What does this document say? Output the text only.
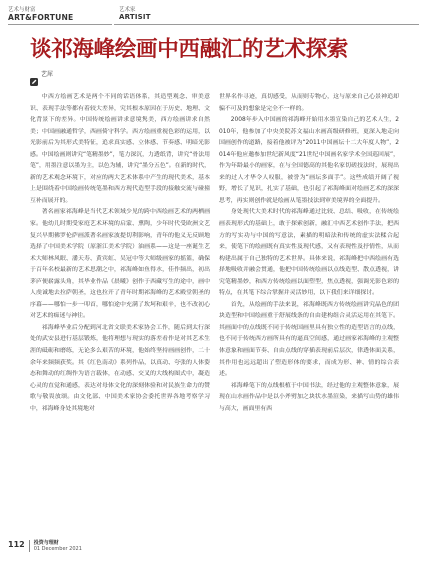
艺术与财富
ART&FORTUNE
艺术家
ARTISIT
谈祁海峰绘画中西融汇的艺术探索
艺犀

中西方绘画艺术是两个不同的话语体系，其造型观念、审美意识、表现手法等都有着较大差异，究其根本原因在于历史、地理、文化背景下的差异。中国传统绘画讲求意境隽美，西方绘画讲求自然美；中国画融通哲学，西画倚守科学。西方绘画重视色彩的运用，以光影前后为其形式美特征，追求真实感、立体感、节奏感、明暗光影感。中国绘画则讲究“笔精墨妙”，笔力深沉，力透纸背，讲究“骨法用笔”，用墨注意以墨为主，以色为辅，讲究“墨分五色”。在新的时代，新的艺术观念环境下，对应的两大艺术体系中产生的现代美术，基本上是围绕着中国绘画传统笔墨和西方现代造型手段的接触交流与碰撞互补而展开的。

著名画家祁海峰是当代艺术领域少见的跨中西绘画艺术的两栖画家。他幼儿时期受家庭艺术环境的启蒙、熏陶，少年时代受欧洲文艺复兴早期佛罗伦萨画派著名画家波提切利影响，青年的他义无反顾地选择了中国美术学院（原浙江美术学院）油画系——这是一座诞生艺术大师林风眠、潘天寿、黄宾虹、吴冠中等大师级画家的摇篮，确保于百年名校最新的艺术思潮之中，祁海峰如鱼得水，佳作频出，初出茅庐便崭露头角，其毕业作品《晨曦》创作于西藏写生的途中，画中人虔诚地去拉萨朝圣，这也拉开了青年时期祁海峰的艺术殿堂朝圣的序幕——哪怕一步一叩首，哪怕途中充满了坎坷和艰辛，也不改初心对艺术的痴迷与神往。

祁海峰毕业后分配到河北省文联美术家协会工作，随后到太行深处的武安县进行基层锻炼，他将理想与现实的落差看作是对其艺术生涯的砥砺和磨练，无论多么艰苦的环境，他始终坚持画画创作，二十余年来频频获奖。其《红色南动》系列作品，以真动、夸张的人体姿态和舞动的红绸作为语言载体，在动感、交叉的大线构图式中，凝造心灵的直觉和通感，表达对母体文化的深刻体验和对民族生命力的赞歌与敬畏放颂。由文化部、中国美术家协会委托世界各地考察学习中，祁海峰身处其境地对

世界名作寻迹，真切感受，从而则专物心，这与原来自己心景神追却骗不可及的想象是完全不一样的。

2008年步入中国画的祁海峰开始用水墨宣染自己的艺术人生，2010年，他参加了中央美院苏文福山水画高级研修班，更深入地走向国画创作的道路，接着他被评为“2011中国画坛十二大年度人物”，2014年他应邀参加世纪新风度“21世纪中国画名家学术全国巡回展”，作为年龄最小的画家，在与全国德高的其他名家切磋技法时，展现出来的过人才华令人叹服，被誉为“画坛多面手”。这些成绩开阔了视野，增长了见识，扎实了基础，也引起了祁海峰面对绘画艺术的深深思考，再实则创作就是绘画从笔墨技法到审美境界的全面提升。

身处现代大美术时代的祁海峰通过比较、总结、吸收，在传统绘画表现形式的基础上，敢于探索创新，融汇中西艺术创作手法，把西方的写实功与中国的写意法，素描的明暗法和传统的虚实法糅合起来，使笔下的绘画既有真实性及现代感，又有表现性及抒情性，从而构建出属于自己独特的艺术世界。具体来说，祁海峰把中西绘画有选择地吸收并融会贯通，他把中国传统绘画以点线造型、散点透视，讲究笔精墨妙，和西方传统绘画以面塑型，焦点透视，强调光影色彩的特点，在其笔下综合掌握并灵活妙用，以下我们来详细探讨。

首先，从绘画的手法来说，祁海峰既西方传统绘画讲究晶色的团块造型和中国绘画重于舒展线条的自由建构组合灵活运用在其笔下。其画面中的点线既不同于传统国画里具有独立性的造型语言的点线，也不同于传统西方画所具有的逼真空间感，通过画家祁海峰的主观整体意象和画面节奏、自由点线的穿插表现前后层次，律透体面关系，其作用也远远超出了塑造形体的要求，而成为形、神、情的综合表述。

祁海峰笔下的点线根植于中国书法，经过他的主观整体意象，展现在山水画作品中是以小斧劈加之块状水墨渲染，来描写山势的雄伟与高大，画面里有西

112 投资与理财
01 December 2021
